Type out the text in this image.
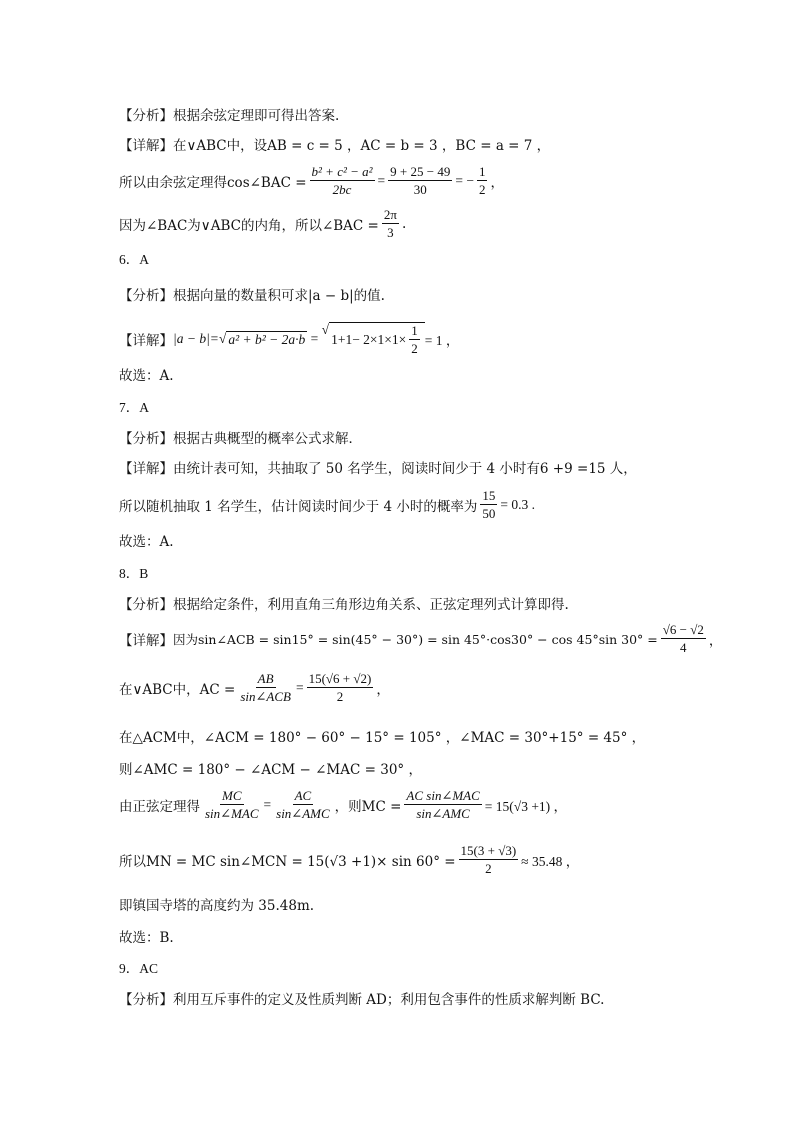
【分析】 根据余弦定理即可得出答案.
【详解】 在∨ABC中，设AB = c = 5 ，AC = b = 3 ，BC = a = 7 ，
所以由余弦定理得cos∠BAC = $\frac{\text{b² + c² − a²}}{2bc} = \frac{9 + 25 - 49}{30}$ = − $\frac{1}{2}$ ，
因为∠BAC为∨ABC的内角，所以∠BAC = $\frac{2\pi}{3}$ .
6．A
【分析】 根据向量的数量积可求|a − b|的值.
【详解】 |a − b|= √ a² + b² − 2a·b =
√
$1+1- 2\times 1\times 1\times \frac{1}{2} = 1$ ，
故选：A.
7．A
【分析】 根据古典概型的概率公式求解．
【详解】 由统计表可知，共抽取了 50 名学生，阅读时间少于 4 小时有6 +9 =15 人，
所以随机抽取 1 名学生，估计阅读时间少于 4 小时的概率为 $\frac{15}{50} = 0.3$ .
故选：A.
8．B
【分析】 根据给定条件，利用直角三角形边角关系、正弦定理列式计算即得.
【详解】 因为sin∠ACB = sin15° = sin(45° − 30°) = sin 45°·cos30° − cos 45°sin $30^\circ = \frac{√6 - √2}{4}$ ，
在∨ABC中，AC = $\frac{AB}{\text{sin∠ACB}} = \frac{15(√6 + √2)}{2}$ ，
在△ACM中，∠ACM = 180° − 60° − 15° = 105° ，∠MAC = 30°+15° = 45° ，
则∠AMC = 180° − ∠ACM − ∠MAC = 30° ，
由正弦定理得 $\frac{MC}{\text{sin∠MAC}} = \frac{AC}{\text{sin∠AMC}}$ ，则MC = $\frac{\text{AC sin∠MAC}}{\text{sin∠AMC}} = 15(√3 +1)$ ，
所以MN = MC sin∠MCN = $15(√3 +1)\times \sin 60^\circ = \frac{15(3 + √3)}{2} \approx 35.48$ ，
即镇国寺塔的高度约为 35.48m.
故选：B.
9．AC
【分析】 利用互斥事件的定义及性质判断 AD；利用包含事件的性质求解判断 BC.
